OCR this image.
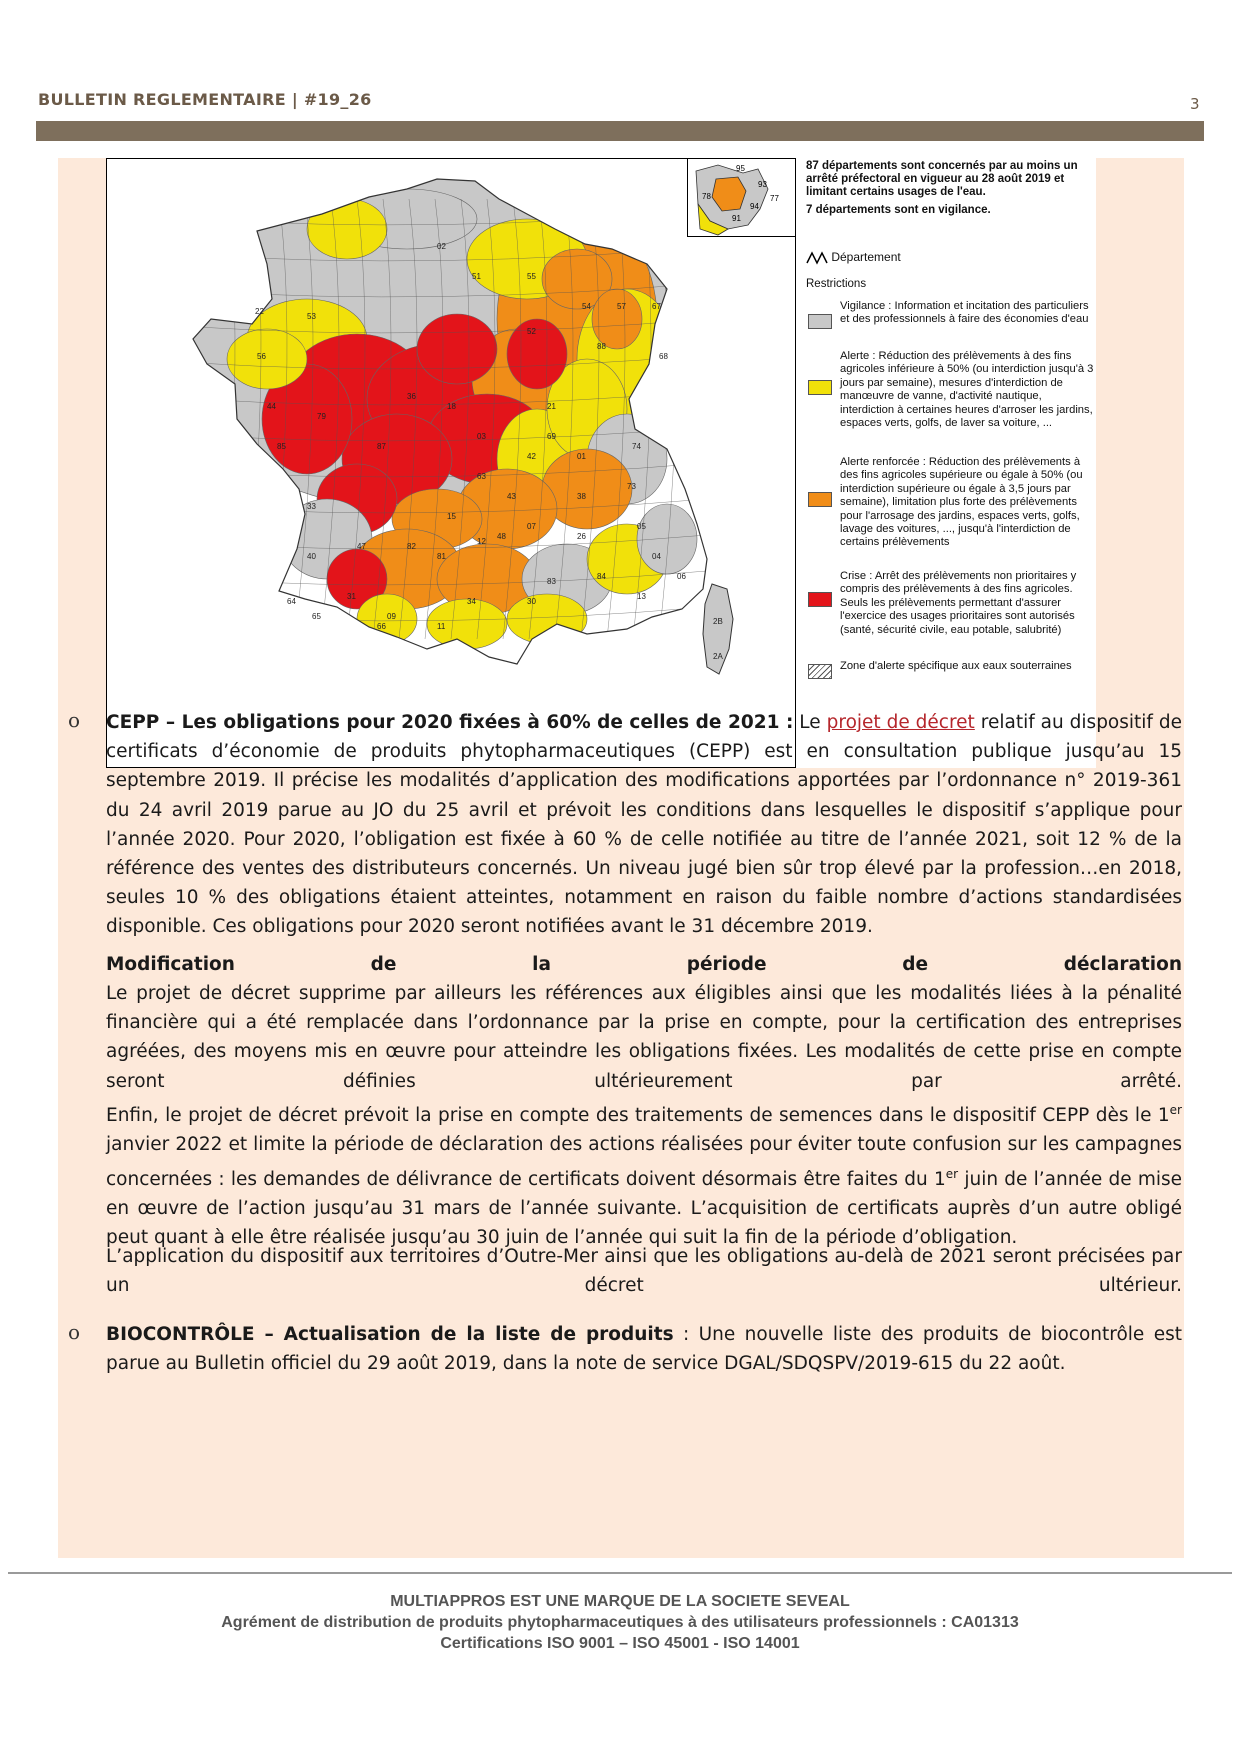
BULLETIN REGLEMENTAIRE | #19_26	3
02
51	55
54	57	67
68
88
52
21
22
53
56
44
85
79
87
36
18
03
63
15
43
42
69
01
74
73
38
26
05
04
06
84
13
83
30
34
11
66
09
31
65
64
33
40
47	82
81
12
48
07
2B
2A
95
93
77
78
94
91
87 départements sont concernés par au moins un arrêté préfectoral en vigueur au 28 août 2019 et limitant certains usages de l'eau.
7 départements sont en vigilance.
Département
Restrictions
Vigilance : Information et incitation des particuliers et des professionnels à faire des économies d'eau
Alerte : Réduction des prélèvements à des fins agricoles inférieure à 50% (ou interdiction jusqu'à 3 jours par semaine), mesures d'interdiction de manœuvre de vanne, d'activité nautique, interdiction à certaines heures d'arroser les jardins, espaces verts, golfs, de laver sa voiture, ...
Alerte renforcée : Réduction des prélèvements à des fins agricoles supérieure ou égale à 50% (ou interdiction supérieure ou égale à 3,5 jours par semaine), limitation plus forte des prélèvements pour l'arrosage des jardins, espaces verts, golfs, lavage des voitures, ..., jusqu'à l'interdiction de certains prélèvements
Crise : Arrêt des prélèvements non prioritaires y compris des prélèvements à des fins agricoles. Seuls les prélèvements permettant d'assurer l'exercice des usages prioritaires sont autorisés (santé, sécurité civile, eau potable, salubrité)
Zone d'alerte spécifique aux eaux souterraines
o CEPP – Les obligations pour 2020 fixées à 60% de celles de 2021 : Le projet de décret relatif au dispositif de certificats d’économie de produits phytopharmaceutiques (CEPP) est en consultation publique jusqu’au 15 septembre 2019. Il précise les modalités d’application des modifications apportées par l’ordonnance n° 2019-361 du 24 avril 2019 parue au JO du 25 avril et prévoit les conditions dans lesquelles le dispositif s’applique pour l’année 2020. Pour 2020, l’obligation est fixée à 60 % de celle notifiée au titre de l’année 2021, soit 12 % de la référence des ventes des distributeurs concernés. Un niveau jugé bien sûr trop élevé par la profession…en 2018, seules 10 % des obligations étaient atteintes, notamment en raison du faible nombre d’actions standardisées disponible. Ces obligations pour 2020 seront notifiées avant le 31 décembre 2019.
Modification de la période de déclaration
Le projet de décret supprime par ailleurs les références aux éligibles ainsi que les modalités liées à la pénalité financière qui a été remplacée dans l’ordonnance par la prise en compte, pour la certification des entreprises agréées, des moyens mis en œuvre pour atteindre les obligations fixées. Les modalités de cette prise en compte seront définies ultérieurement par arrêté.
Enfin, le projet de décret prévoit la prise en compte des traitements de semences dans le dispositif CEPP dès le 1er janvier 2022 et limite la période de déclaration des actions réalisées pour éviter toute confusion sur les campagnes concernées : les demandes de délivrance de certificats doivent désormais être faites du 1er juin de l’année de mise en œuvre de l’action jusqu’au 31 mars de l’année suivante. L’acquisition de certificats auprès d’un autre obligé peut quant à elle être réalisée jusqu’au 30 juin de l’année qui suit la fin de la période d’obligation.
L’application du dispositif aux territoires d’Outre-Mer ainsi que les obligations au-delà de 2021 seront précisées par un décret ultérieur.
o BIOCONTRÔLE – Actualisation de la liste de produits : Une nouvelle liste des produits de biocontrôle est parue au Bulletin officiel du 29 août 2019, dans la note de service DGAL/SDQSPV/2019-615 du 22 août.
MULTIAPPROS EST UNE MARQUE DE LA SOCIETE SEVEAL
Agrément de distribution de produits phytopharmaceutiques à des utilisateurs professionnels : CA01313
Certifications ISO 9001 – ISO 45001 - ISO 14001
